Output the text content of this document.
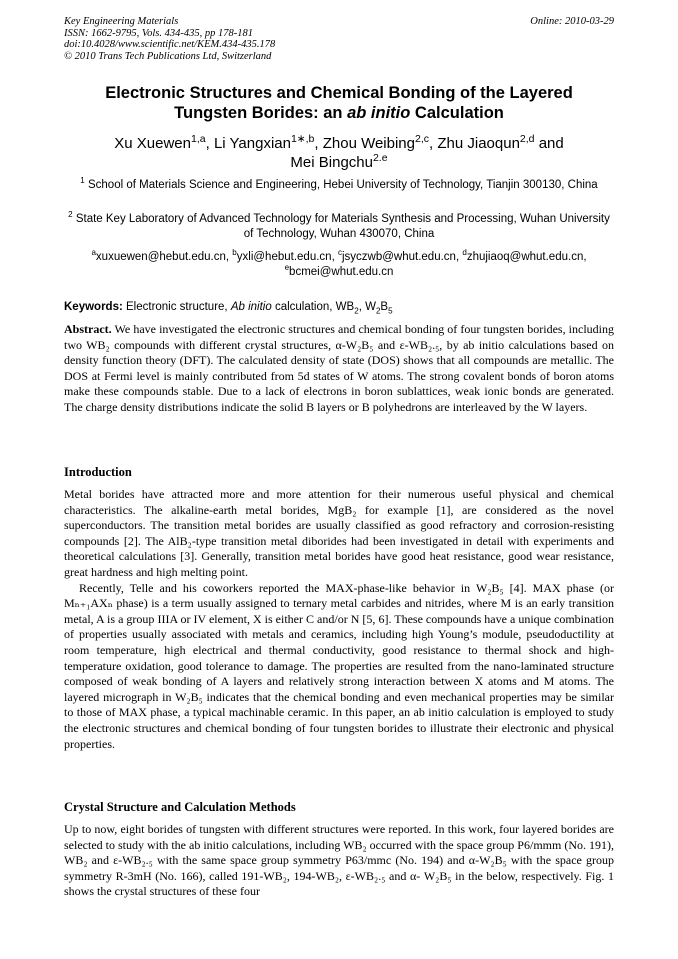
Key Engineering Materials
ISSN: 1662-9795, Vols. 434-435, pp 178-181
doi:10.4028/www.scientific.net/KEM.434-435.178
© 2010 Trans Tech Publications Ltd, Switzerland
Online: 2010-03-29
Electronic Structures and Chemical Bonding of the Layered
Tungsten Borides: an ab initio Calculation
Xu Xuewen$^{1,a}$, Li Yangxian$^{1∗,b}$, Zhou Weibing$^{2,c}$, Zhu Jiaoqun$^{2,d}$ and
Mei Bingchu$^{2.e}$
$^1$ School of Materials Science and Engineering, Hebei University of Technology, Tianjin 300130, China
$^2$ State Key Laboratory of Advanced Technology for Materials Synthesis and Processing, Wuhan University of Technology, Wuhan 430070, China
$^a$xuxuewen@hebut.edu.cn, $^b$yxli@hebut.edu.cn, $^c$jsyczwb@whut.edu.cn, $^d$zhujiaoq@whut.edu.cn,
$^e$bcmei@whut.edu.cn
Keywords: Electronic structure, Ab initio calculation, $WB_2$, $W_2B_5$

Abstract. We have investigated the electronic structures and chemical bonding of four tungsten borides, including two WB₂ compounds with different crystal structures, α-W₂B₅ and ε-WB₂.₅, by ab initio calculations based on density function theory (DFT). The calculated density of state (DOS) shows that all compounds are metallic. The DOS at Fermi level is mainly contributed from 5d states of W atoms. The strong covalent bonds of boron atoms make these compounds stable. Due to a lack of electrons in boron sublattices, weak ionic bonds are generated. The charge density distributions indicate the solid B layers or B polyhedrons are interleaved by the W layers.

Introduction

Metal borides have attracted more and more attention for their numerous useful physical and chemical characteristics. The alkaline-earth metal borides, MgB₂ for example [1], are considered as the novel superconductors. The transition metal borides are usually classified as good refractory and corrosion-resisting compounds [2]. The AlB₂-type transition metal diborides had been investigated in detail with experiments and theoretical calculations [3]. Generally, transition metal borides have good heat resistance, good wear resistance, great hardness and high melting point.

Recently, Telle and his coworkers reported the MAX-phase-like behavior in W₂B₅ [4]. MAX phase (or Mₙ₊₁AXₙ phase) is a term usually assigned to ternary metal carbides and nitrides, where M is an early transition metal, A is a group IIIA or IV element, X is either C and/or N [5, 6]. These compounds have a unique combination of properties usually associated with metals and ceramics, including high Young’s module, pseudoductility at room temperature, high electrical and thermal conductivity, good resistance to thermal shock and high-temperature oxidation, good tolerance to damage. The properties are resulted from the nano-laminated structure composed of weak bonding of A layers and relatively strong interaction between X atoms and M atoms. The layered micrograph in W₂B₅ indicates that the chemical bonding and even mechanical properties may be similar to those of MAX phase, a typical machinable ceramic. In this paper, an ab initio calculation is employed to study the electronic structures and chemical bonding of four tungsten borides to illustrate their electronic and physical properties.

Crystal Structure and Calculation Methods

Up to now, eight borides of tungsten with different structures were reported. In this work, four layered borides are selected to study with the ab initio calculations, including WB₂ occurred with the space group P6/mmm (No. 191), WB₂ and ε-WB₂.₅ with the same space group symmetry P63/mmc (No. 194) and α-W₂B₅ with the space group symmetry R-3mH (No. 166), called 191-WB₂, 194-WB₂, ε-WB₂.₅ and α- W₂B₅ in the below, respectively. Fig. 1 shows the crystal structures of these four
